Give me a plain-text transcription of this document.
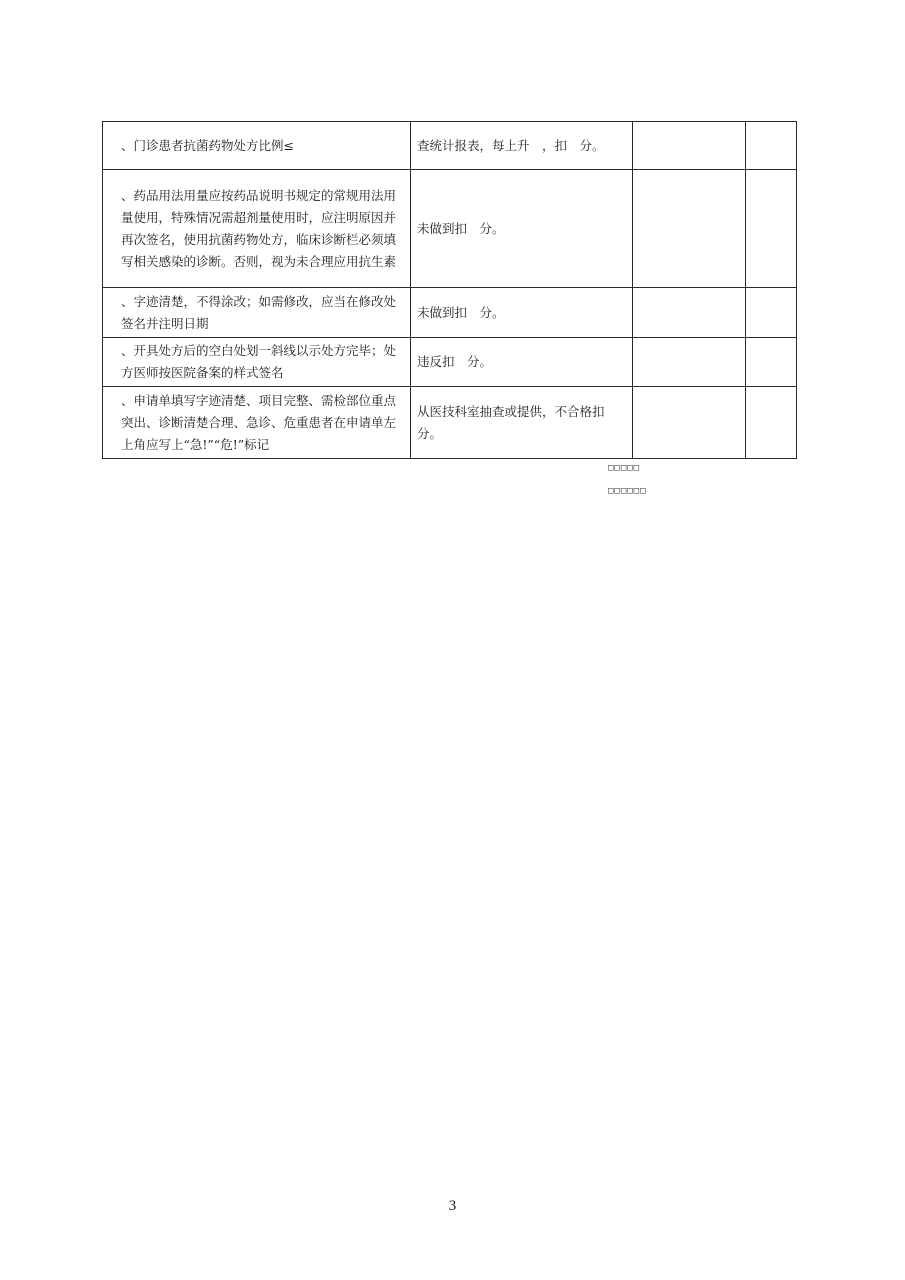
、门诊患者抗菌药物处方比例≤	查统计报表，每上升　，扣　分。		

、药品用法用量应按药品说明书规定的常规用法用量使用，特殊情况需超剂量使用时，应注明原因并再次签名，使用抗菌药物处方，临床诊断栏必须填写相关感染的诊断。否则，视为未合理应用抗生素	未做到扣　分。		

、字迹清楚，不得涂改；如需修改，应当在修改处签名并注明日期	未做到扣　分。		

、开具处方后的空白处划一斜线以示处方完毕；处方医师按医院备案的样式签名	违反扣　分。		

、申请单填写字迹清楚、项目完整、需检部位重点突出、诊断清楚合理、急诊、危重患者在申请单左上角应写上“急!”“危!”标记	从医技科室抽查或提供，不合格扣　分。		
□□□□□
□□□□□□
3
